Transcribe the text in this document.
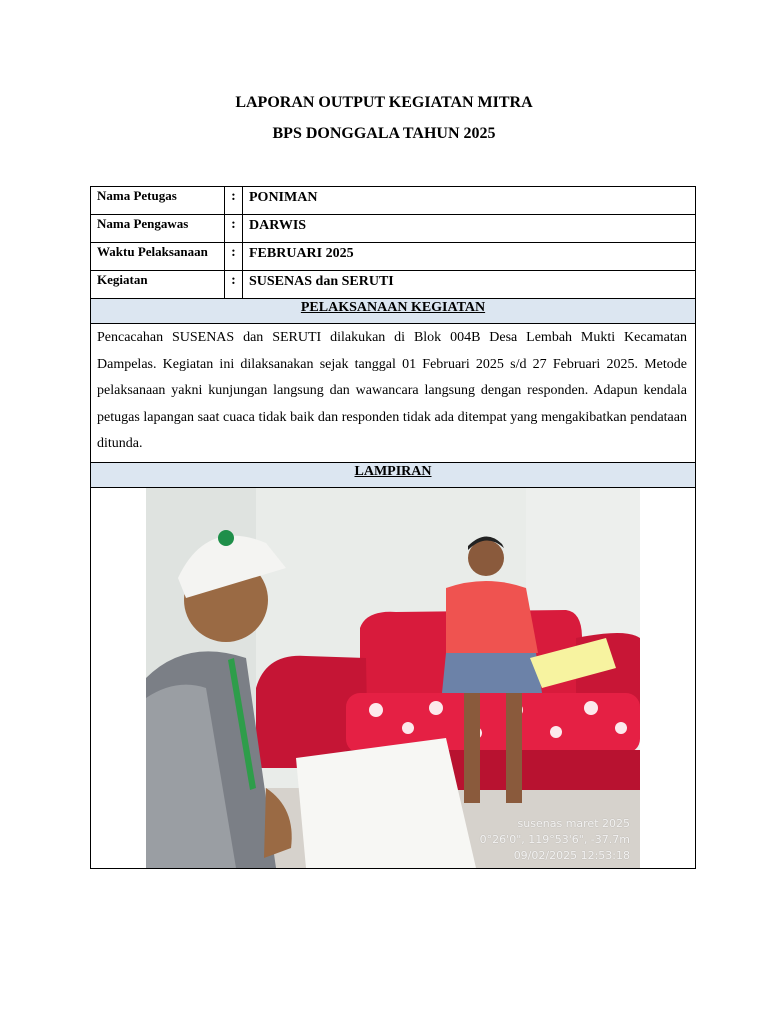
LAPORAN OUTPUT KEGIATAN MITRA
BPS DONGGALA TAHUN 2025
Nama Petugas	:	PONIMAN
Nama Pengawas	:	DARWIS
Waktu Pelaksanaan	:	FEBRUARI 2025
Kegiatan	:	SUSENAS dan SERUTI
PELAKSANAAN KEGIATAN		
Pencacahan SUSENAS dan SERUTI dilakukan di Blok 004B Desa Lembah Mukti Kecamatan Dampelas. Kegiatan ini dilaksanakan sejak tanggal 01 Februari 2025 s/d 27 Februari 2025. Metode pelaksanaan yakni kunjungan langsung dan wawancara langsung dengan responden. Adapun kendala petugas lapangan saat cuaca tidak baik dan responden tidak ada ditempat yang mengakibatkan pendataan ditunda.		
LAMPIRAN		

susenas maret 2025
0°26'0", 119°53'6", -37.7m
09/02/2025 12:53:18		
